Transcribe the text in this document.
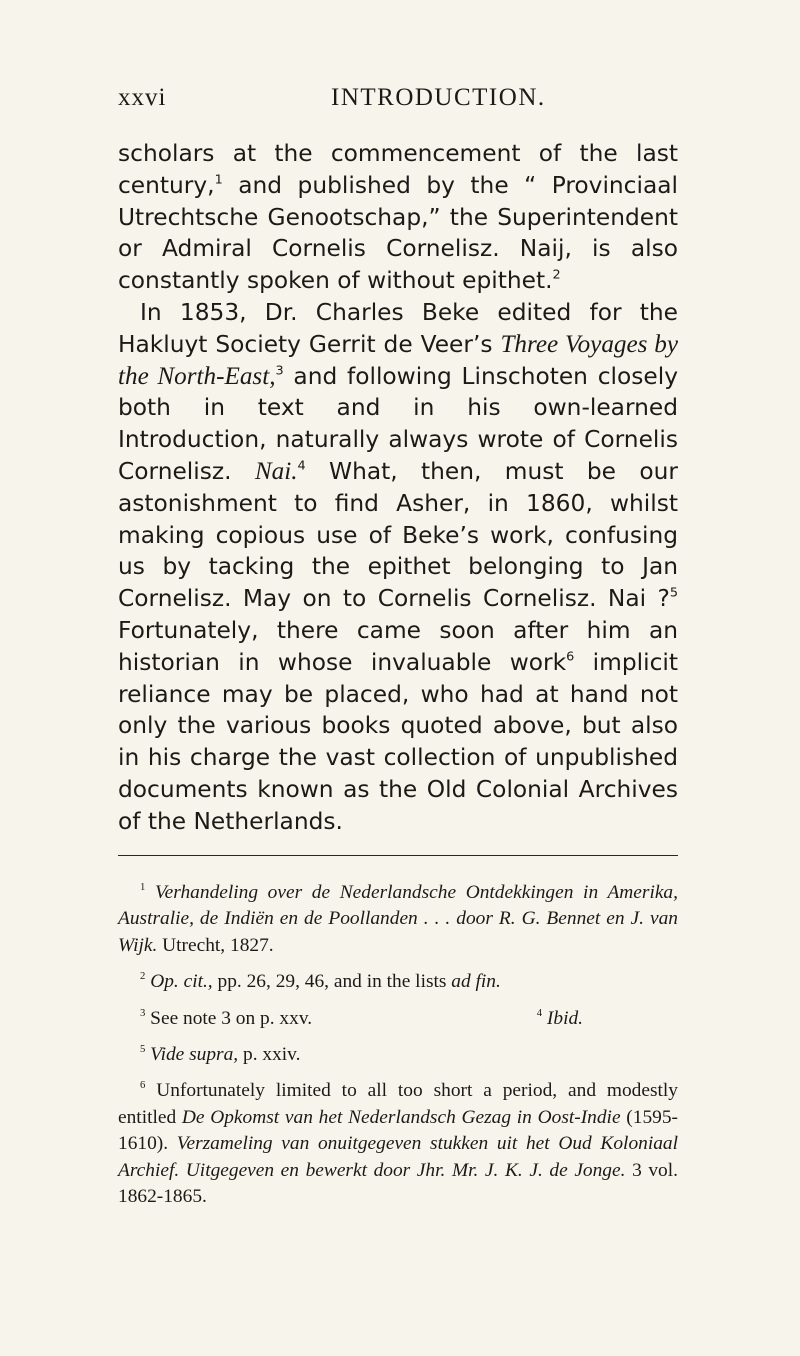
xxvi	INTRODUCTION.

scholars at the commencement of the last century,$^1$ and published by the “ Provinciaal Utrechtsche Genootschap,” the Superintendent or Admiral Cornelis Cornelisz. Naij, is also constantly spoken of without epithet.$^2$

In 1853, Dr. Charles Beke edited for the Hakluyt Society Gerrit de Veer’s Three Voyages by the North-East,$^3$ and following Linschoten closely both in text and in his own-learned Introduction, naturally always wrote of Cornelis Cornelisz. Nai.$^4$ What, then, must be our astonishment to find Asher, in 1860, whilst making copious use of Beke’s work, confusing us by tacking the epithet belonging to Jan Cornelisz. May on to Cornelis Cornelisz. Nai ?$^5$ Fortunately, there came soon after him an historian in whose invaluable work$^6$ implicit reliance may be placed, who had at hand not only the various books quoted above, but also in his charge the vast collection of unpublished documents known as the Old Colonial Archives of the Netherlands.

$^1$ Verhandeling over de Nederlandsche Ontdekkingen in Amerika, Australie, de Indiën en de Poollanden . . . door R. G. Bennet en J. van Wijk. Utrecht, 1827.

$^2$ Op. cit., pp. 26, 29, 46, and in the lists ad fin.

$^3$ See note 3 on p. xxv.	$^4$ Ibid.

$^5$ Vide supra, p. xxiv.

$^6$ Unfortunately limited to all too short a period, and modestly entitled De Opkomst van het Nederlandsch Gezag in Oost-Indie (1595-1610). Verzameling van onuitgegeven stukken uit het Oud Koloniaal Archief. Uitgegeven en bewerkt door Jhr. Mr. J. K. J. de Jonge. 3 vol. 1862-1865.
